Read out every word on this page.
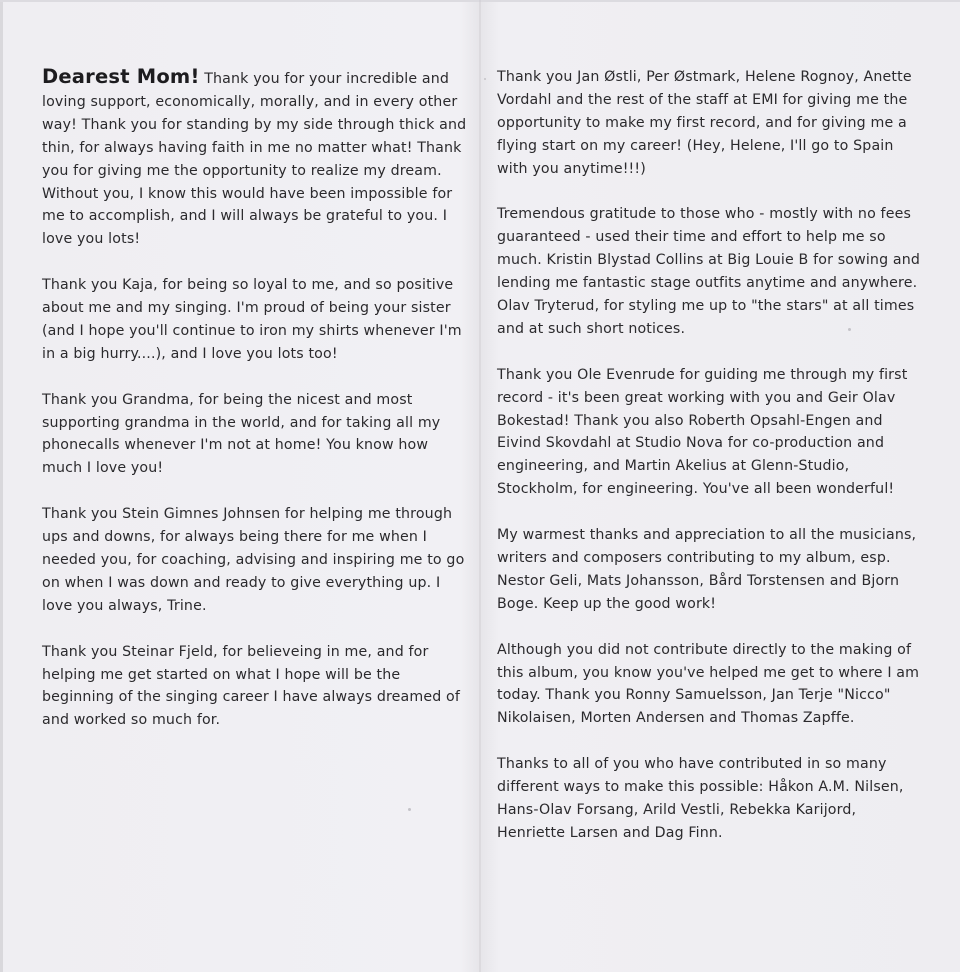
Dearest Mom! Thank you for your incredible and loving support, economically, morally, and in every other way! Thank you for standing by my side through thick and thin, for always having faith in me no matter what! Thank you for giving me the opportunity to realize my dream. Without you, I know this would have been impossible for me to accomplish, and I will always be grateful to you. I love you lots!

Thank you Kaja, for being so loyal to me, and so positive about me and my singing. I'm proud of being your sister (and I hope you'll continue to iron my shirts whenever I'm in a big hurry....), and I love you lots too!

Thank you Grandma, for being the nicest and most supporting grandma in the world, and for taking all my phonecalls whenever I'm not at home! You know how much I love you!

Thank you Stein Gimnes Johnsen for helping me through ups and downs, for always being there for me when I needed you, for coaching, advising and inspiring me to go on when I was down and ready to give everything up. I love you always, Trine.

Thank you Steinar Fjeld, for believeing in me, and for helping me get started on what I hope will be the beginning of the singing career I have always dreamed of and worked so much for.

Thank you Jan Østli, Per Østmark, Helene Rognoy, Anette Vordahl and the rest of the staff at EMI for giving me the opportunity to make my first record, and for giving me a flying start on my career! (Hey, Helene, I'll go to Spain with you anytime!!!)

Tremendous gratitude to those who - mostly with no fees guaranteed - used their time and effort to help me so much. Kristin Blystad Collins at Big Louie B for sowing and lending me fantastic stage outfits anytime and anywhere. Olav Tryterud, for styling me up to "the stars" at all times and at such short notices.

Thank you Ole Evenrude for guiding me through my first record - it's been great working with you and Geir Olav Bokestad! Thank you also Roberth Opsahl-Engen and Eivind Skovdahl at Studio Nova for co-production and engineering, and Martin Akelius at Glenn-Studio, Stockholm, for engineering. You've all been wonderful!

My warmest thanks and appreciation to all the musicians, writers and composers contributing to my album, esp. Nestor Geli, Mats Johansson, Bård Torstensen and Bjorn Boge. Keep up the good work!

Although you did not contribute directly to the making of this album, you know you've helped me get to where I am today. Thank you Ronny Samuelsson, Jan Terje "Nicco" Nikolaisen, Morten Andersen and Thomas Zapffe.

Thanks to all of you who have contributed in so many different ways to make this possible: Håkon A.M. Nilsen, Hans-Olav Forsang, Arild Vestli, Rebekka Karijord, Henriette Larsen and Dag Finn.
